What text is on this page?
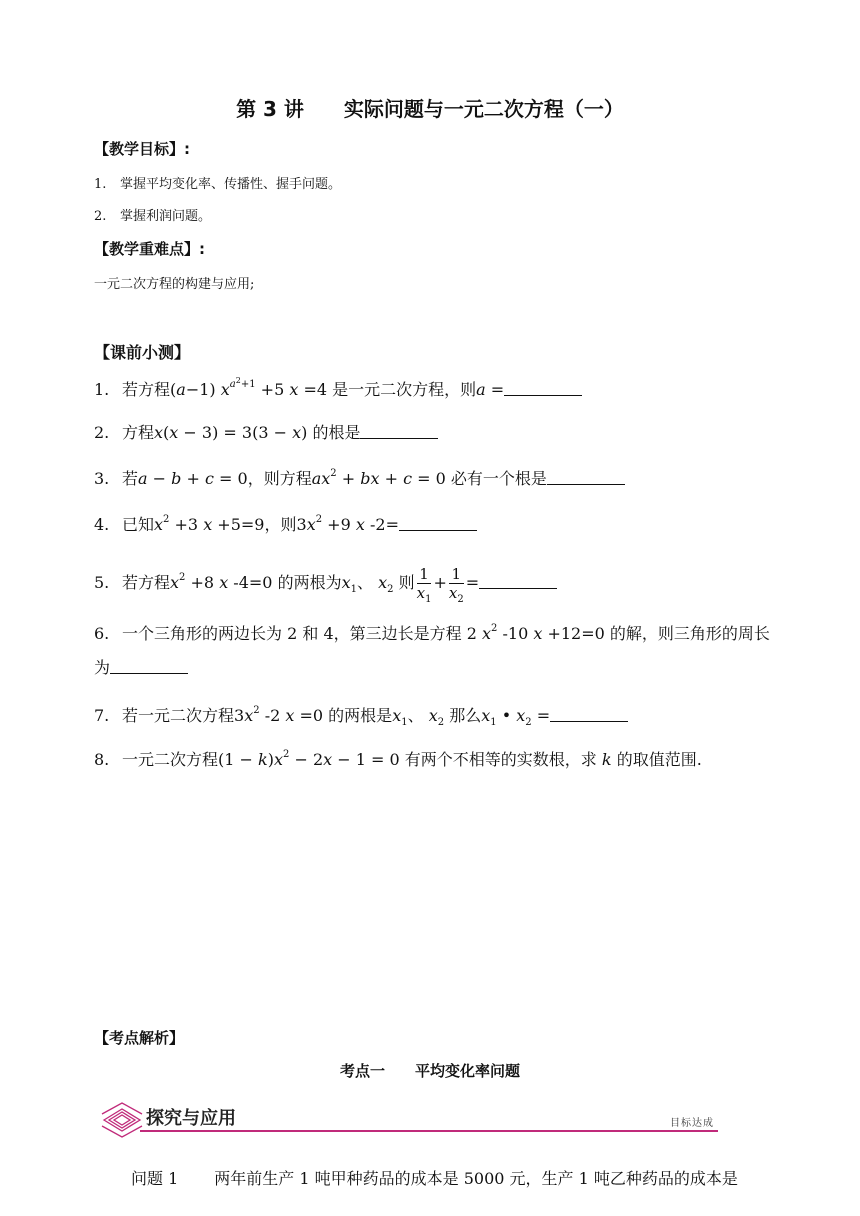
第 3 讲　　实际问题与一元二次方程（一）
【教学目标】:
1. 掌握平均变化率、传播性、握手问题。
2. 掌握利润问题。
【教学重难点】:
一元二次方程的构建与应用;
【课前小测】
1. 若方程(a−1) $x^{a^2+1} +5$ x =4 是一元二次方程，则a =
2. 方程x(x − 3) = 3(3 − x) 的根是
3. 若a − b + c = 0，则方程$ax^2$ + bx + c = 0 必有一个根是
4. 已知$x^2 +3$ x +5=9，则$3x^2 +9$ x -2=
5. 若方程$x^2 +8$ x -4=0 的两根为$x_1$、 $x_2$ 则 $\frac{1}{x_1} + \frac{1}{x_2}$ =
6. 一个三角形的两边长为 2 和 4，第三边长是方程 2 $x^2$ -10 x +12=0 的解，则三角形的周长为
7. 若一元二次方程$3x^2$ -2 x =0 的两根是$x_1$、 $x_2$ 那么$x_1$ • $x_2$ =
8. 一元二次方程$(1 - k)x^2 - 2x - 1 = 0$ 有两个不相等的实数根，求 k 的取值范围.
【考点解析】
考点一　　平均变化率问题
探究与应用	目标达成
问题 1 两年前生产 1 吨甲种药品的成本是 5000 元，生产 1 吨乙种药品的成本是
